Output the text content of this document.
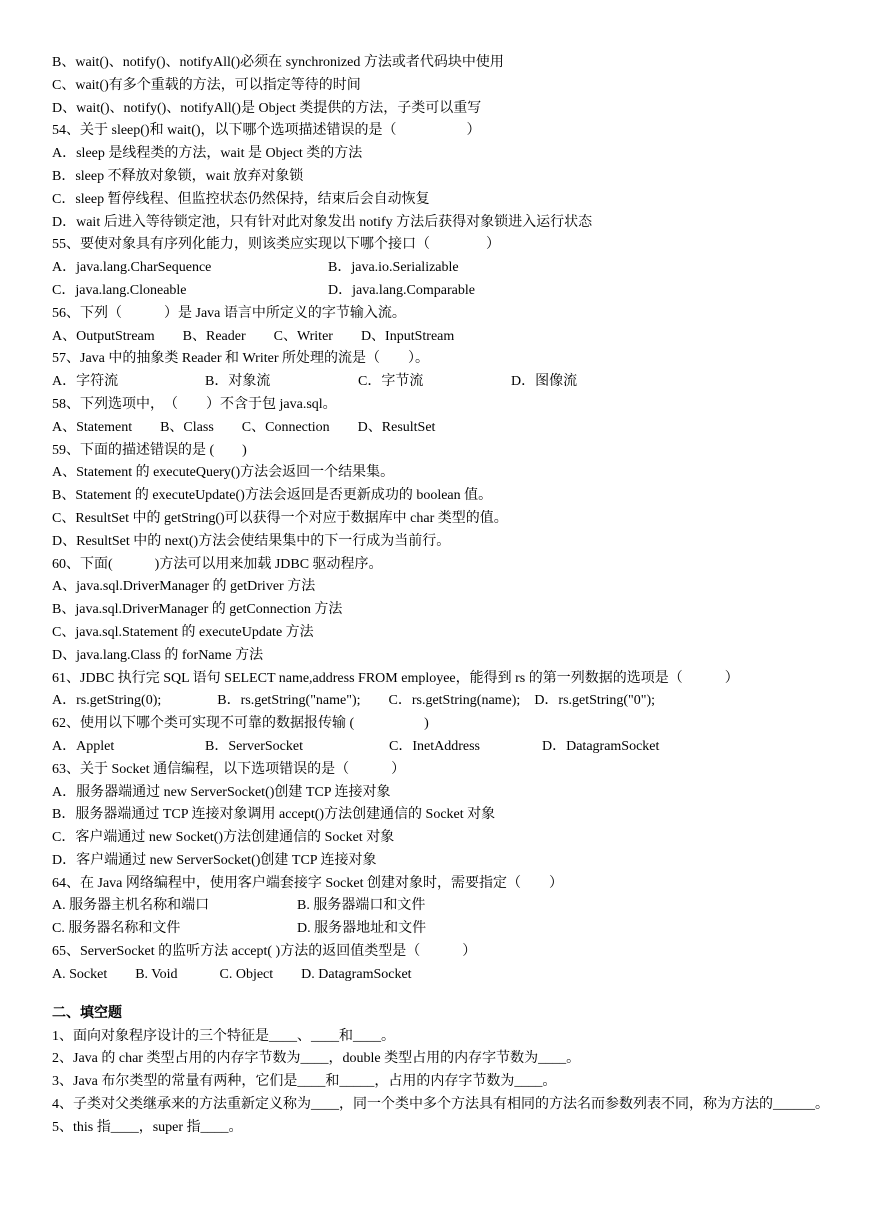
B、wait()、notify()、notifyAll()必须在 synchronized 方法或者代码块中使用
C、wait()有多个重载的方法，可以指定等待的时间
D、wait()、notify()、notifyAll()是 Object 类提供的方法，子类可以重写
54、关于 sleep()和 wait()，以下哪个选项描述错误的是（　　　　　）
A．sleep 是线程类的方法，wait 是 Object 类的方法
B．sleep 不释放对象锁，wait 放弃对象锁
C．sleep 暂停线程、但监控状态仍然保持，结束后会自动恢复
D．wait 后进入等待锁定池，只有针对此对象发出 notify 方法后获得对象锁进入运行状态
55、要使对象具有序列化能力，则该类应实现以下哪个接口（　　　　）

A．java.lang.CharSequence

	B．java.io.Serializable

C．java.lang.Cloneable

	D．java.lang.Comparable

56、下列（　　　）是 Java 语言中所定义的字节输入流。
A、OutputStream　　B、Reader　　C、Writer　　D、InputStream
57、Java 中的抽象类 Reader 和 Writer 所处理的流是（　　）。

A．字符流

	B．对象流

	C．字节流

	D．图像流

58、下列选项中，　（　　）不含于包 java.sql。
A、Statement　　B、Class　　C、Connection　　D、ResultSet
59、下面的描述错误的是 (　　)
A、Statement 的 executeQuery()方法会返回一个结果集。
B、Statement 的 executeUpdate()方法会返回是否更新成功的 boolean 值。
C、ResultSet 中的 getString()可以获得一个对应于数据库中 char 类型的值。
D、ResultSet 中的 next()方法会使结果集中的下一行成为当前行。
60、下面(　　　)方法可以用来加载 JDBC 驱动程序。
A、java.sql.DriverManager 的 getDriver 方法
B、java.sql.DriverManager 的 getConnection 方法
C、java.sql.Statement 的 executeUpdate 方法
D、java.lang.Class 的 forName 方法
61、JDBC 执行完 SQL 语句 SELECT name,address FROM employee，能得到 rs 的第一列数据的选项是（　　　）
A．rs.getString(0);　　　　B．rs.getString("name");　　C．rs.getString(name);　D．rs.getString("0");
62、使用以下哪个类可实现不可靠的数据报传输 (　　　　　)

A．Applet

	B．ServerSocket

	C．InetAddress

	D．DatagramSocket

63、关于 Socket 通信编程，以下选项错误的是（　　　）
A．服务器端通过 new ServerSocket()创建 TCP 连接对象
B．服务器端通过 TCP 连接对象调用 accept()方法创建通信的 Socket 对象
C．客户端通过 new Socket()方法创建通信的 Socket 对象
D．客户端通过 new ServerSocket()创建 TCP 连接对象
64、在 Java 网络编程中，使用客户端套接字 Socket 创建对象时，需要指定（　　）

A. 服务器主机名称和端口

	B. 服务器端口和文件

C. 服务器名称和文件

	D. 服务器地址和文件

65、ServerSocket 的监听方法 accept( )方法的返回值类型是（　　　）
A. Socket　　B. Void　　　C. Object　　D. DatagramSocket
二、填空题
1、面向对象程序设计的三个特征是____、____和____。
2、Java 的 char 类型占用的内存字节数为____，double 类型占用的内存字节数为____。
3、Java 布尔类型的常量有两种，它们是____和_____，占用的内存字节数为____。
4、子类对父类继承来的方法重新定义称为____，同一个类中多个方法具有相同的方法名而参数列表不同，称为方法的______。
5、this 指____，super 指____。
